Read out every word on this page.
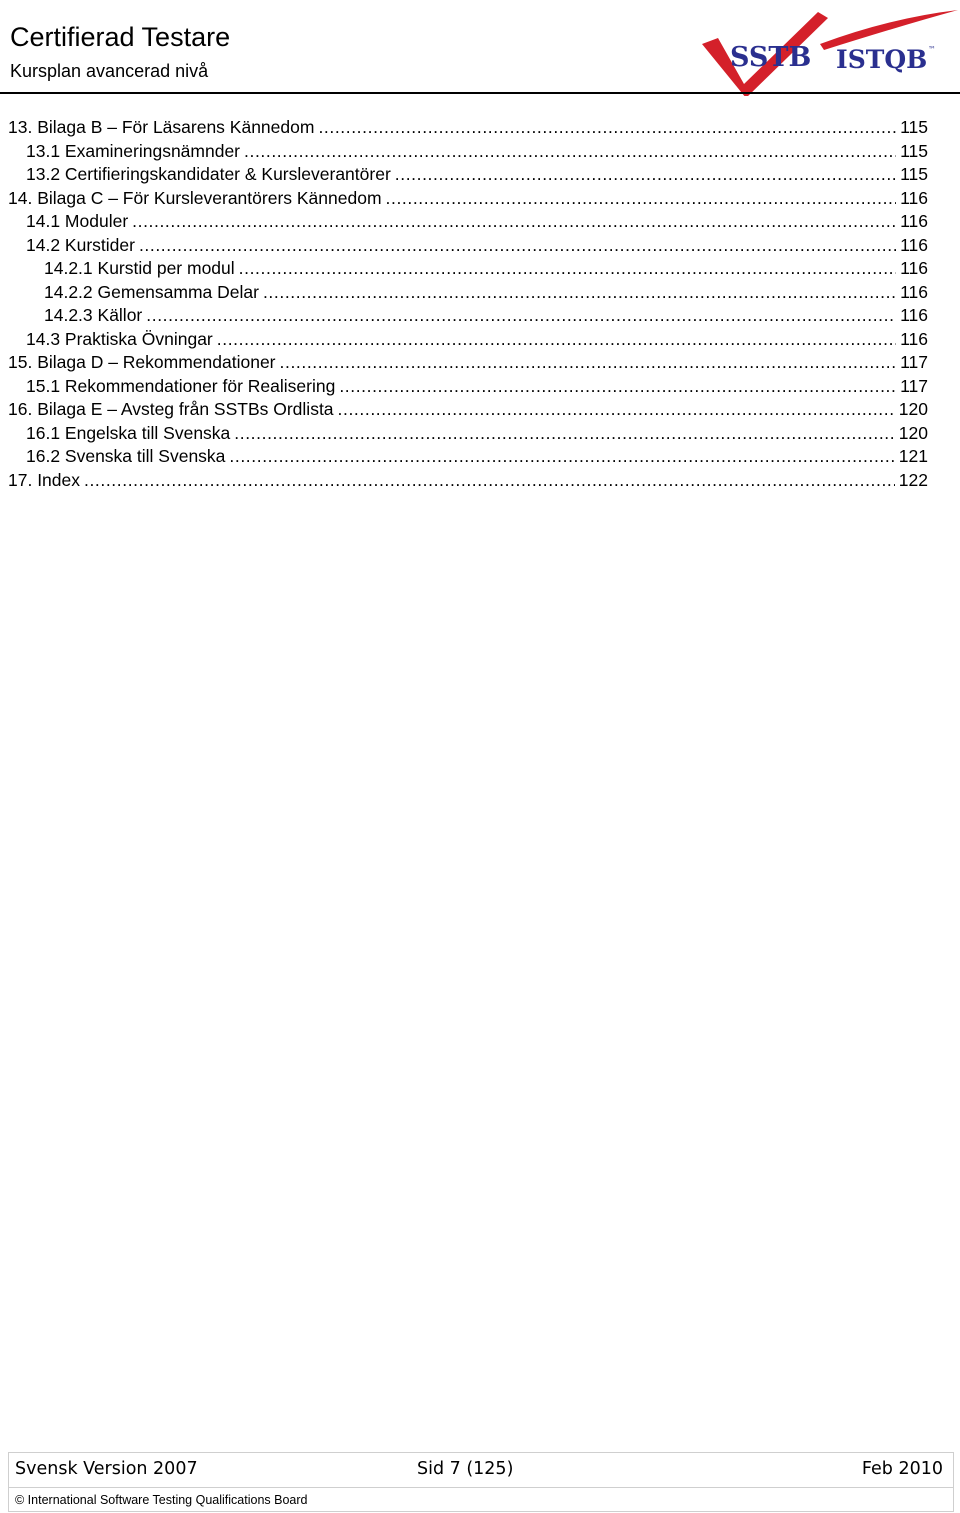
Certifierad Testare
Kursplan avancerad nivå	SSTB ISTQB ™
13. Bilaga B – För Läsarens Kännedom .....	115
13.1 Examineringsnämnder .....	115
13.2 Certifieringskandidater & Kursleverantörer .....	115
14. Bilaga C – För Kursleverantörers Kännedom .....	116
14.1 Moduler .....	116
14.2 Kurstider .....	116
14.2.1 Kurstid per modul .....	116
14.2.2 Gemensamma Delar .....	116
14.2.3 Källor .....	116
14.3 Praktiska Övningar .....	116
15. Bilaga D – Rekommendationer .....	117
15.1 Rekommendationer för Realisering .....	117
16. Bilaga E – Avsteg från SSTBs Ordlista .....	120
16.1 Engelska till Svenska .....	120
16.2 Svenska till Svenska .....	121
17. Index .....	122
Svensk Version 2007	Sid 7 (125)	Feb 2010
© International Software Testing Qualifications Board
